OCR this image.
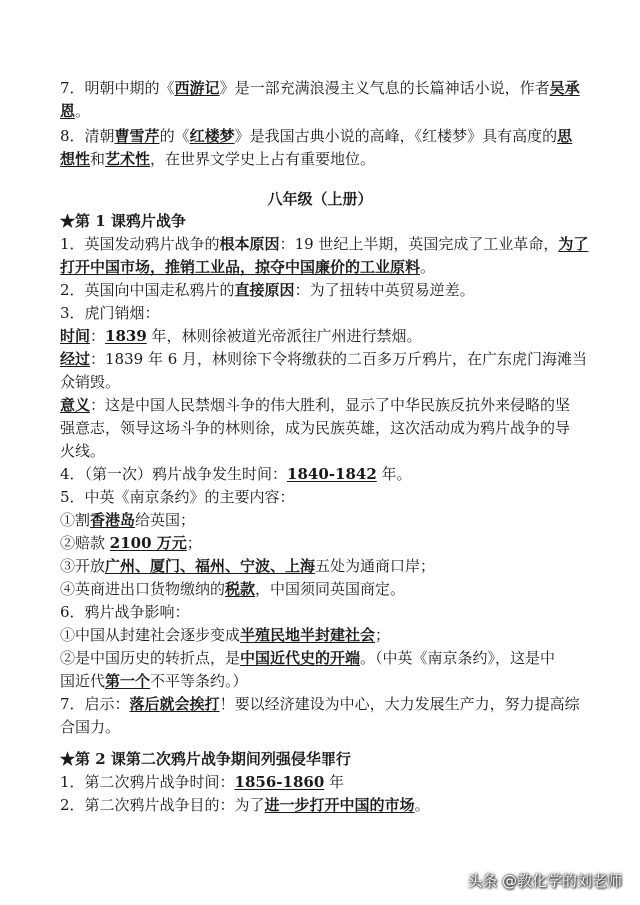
7．明朝中期的《西游记》是一部充满浪漫主义气息的长篇神话小说，作者吴承
恩。
8．清朝曹雪芹的《红楼梦》是我国古典小说的高峰，《红楼梦》具有高度的思
想性和艺术性，在世界文学史上占有重要地位。
八年级（上册）
★第 1 课鸦片战争
1．英国发动鸦片战争的根本原因：19 世纪上半期，英国完成了工业革命，为了
打开中国市场，推销工业品，掠夺中国廉价的工业原料。
2．英国向中国走私鸦片的直接原因：为了扭转中英贸易逆差。
3．虎门销烟：
时间：1839 年，林则徐被道光帝派往广州进行禁烟。
经过：1839 年 6 月，林则徐下令将缴获的二百多万斤鸦片，在广东虎门海滩当
众销毁。
意义：这是中国人民禁烟斗争的伟大胜利，显示了中华民族反抗外来侵略的坚
强意志，领导这场斗争的林则徐，成为民族英雄，这次活动成为鸦片战争的导
火线。
4．（第一次）鸦片战争发生时间：1840-1842 年。
5．中英《南京条约》的主要内容：
①割香港岛给英国；
②赔款 2100 万元；
③开放广州、厦门、福州、宁波、上海五处为通商口岸；
④英商进出口货物缴纳的税款，中国须同英国商定。
6．鸦片战争影响：
①中国从封建社会逐步变成半殖民地半封建社会；
②是中国历史的转折点，是中国近代史的开端。（中英《南京条约》，这是中
国近代第一个不平等条约。）
7．启示：落后就会挨打！要以经济建设为中心，大力发展生产力，努力提高综
合国力。
★第 2 课第二次鸦片战争期间列强侵华罪行
1．第二次鸦片战争时间：1856-1860 年
2．第二次鸦片战争目的：为了进一步打开中国的市场。
头条 @教化学的刘老师
